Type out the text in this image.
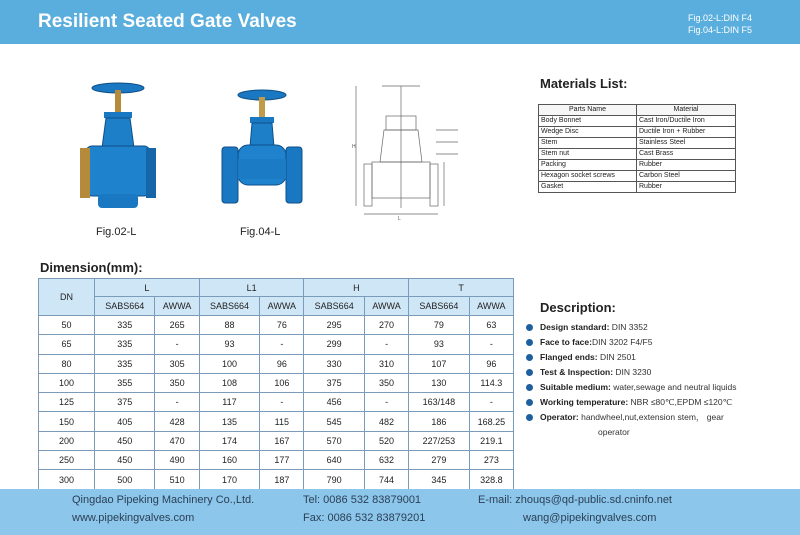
Resilient Seated Gate Valves	Fig.02-L:DIN F4
Fig.04-L:DIN F5
Fig.02-L	Fig.04-L
H
L
Materials List:
Parts Name	Material
Body Bonnet	Cast Iron/Ductile Iron
Wedge Disc	Ductile Iron + Rubber
Stem	Stainless Steel
Stem nut	Cast Brass
Packing	Rubber
Hexagon socket screws	Carbon Steel
Gasket	Rubber
Dimension(mm):
DN	L		L1		H		T	
	SABS664	AWWA	SABS664	AWWA	SABS664	AWWA	SABS664	AWWA
50	335	265	88	76	295	270	79	63
65	335	-	93	-	299	-	93	-
80	335	305	100	96	330	310	107	96
100	355	350	108	106	375	350	130	114.3
125	375	-	117	-	456	-	163/148	-
150	405	428	135	115	545	482	186	168.25
200	450	470	174	167	570	520	227/253	219.1
250	450	490	160	177	640	632	279	273
300	500	510	170	187	790	744	345	328.8
Description:
Design standard: DIN 3352
Face to face:DIN 3202 F4/F5
Flanged ends: DIN 2501
Test & Inspection: DIN 3230
Suitable medium: water,sewage and neutral liquids
Working temperature: NBR ≤80℃,EPDM ≤120℃
Operator: handwheel,nut,extension stem， gear
operator
Qingdao Pipeking Machinery Co.,Ltd.
www.pipekingvalves.com
Tel: 0086 532 83879001
Fax: 0086 532 83879201
E-mail: zhouqs@qd-public.sd.cninfo.net
wang@pipekingvalves.com
